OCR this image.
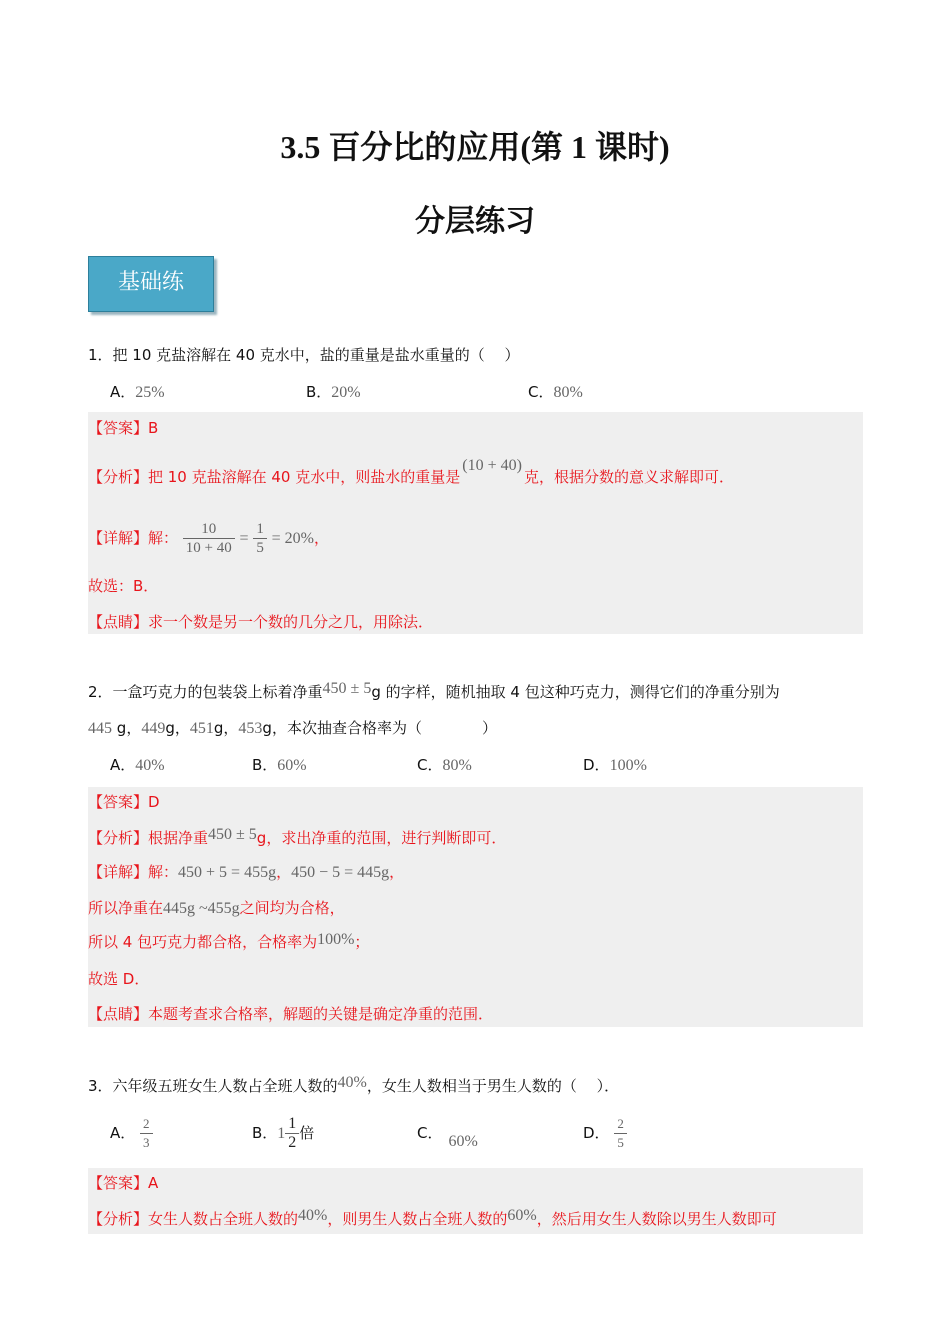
3.5 百分比的应用(第 1 课时)
分层练习
基础练
1．把 10 克盐溶解在 40 克水中，盐的重量是盐水重量的（　 ）
A．25%	B．20%	C．80%
【答案】B
【分析】把 10 克盐溶解在 40 克水中，则盐水的重量是(10 + 40)克，根据分数的意义求解即可．
【详解】解： $\frac{10}{10 + 40} = \frac{1}{5} = 20\%$，
故选：B．
【点睛】求一个数是另一个数的几分之几，用除法．
2．一盒巧克力的包装袋上标着净重450 ± 5g 的字样，随机抽取 4 包这种巧克力，测得它们的净重分别为
445 g，449g，451g，453g，本次抽查合格率为（　　　　）
A．40%	B．60%	C．80%	D．100%
【答案】D
【分析】根据净重450 ± 5g，求出净重的范围，进行判断即可．
【详解】解：450 + 5 = 455g，450 − 5 = 445g，
所以净重在445g ~455g之间均为合格，
所以 4 包巧克力都合格，合格率为100%；
故选 D．
【点睛】本题考查求合格率，解题的关键是确定净重的范围．
3．六年级五班女生人数占全班人数的40%，女生人数相当于男生人数的（　 ）．
A． $\frac{2}{3}$	B．$1 \frac{1}{2}$ 倍	C． 60%	D． $\frac{2}{5}$
【答案】A
【分析】女生人数占全班人数的40%，则男生人数占全班人数的60%，然后用女生人数除以男生人数即可
